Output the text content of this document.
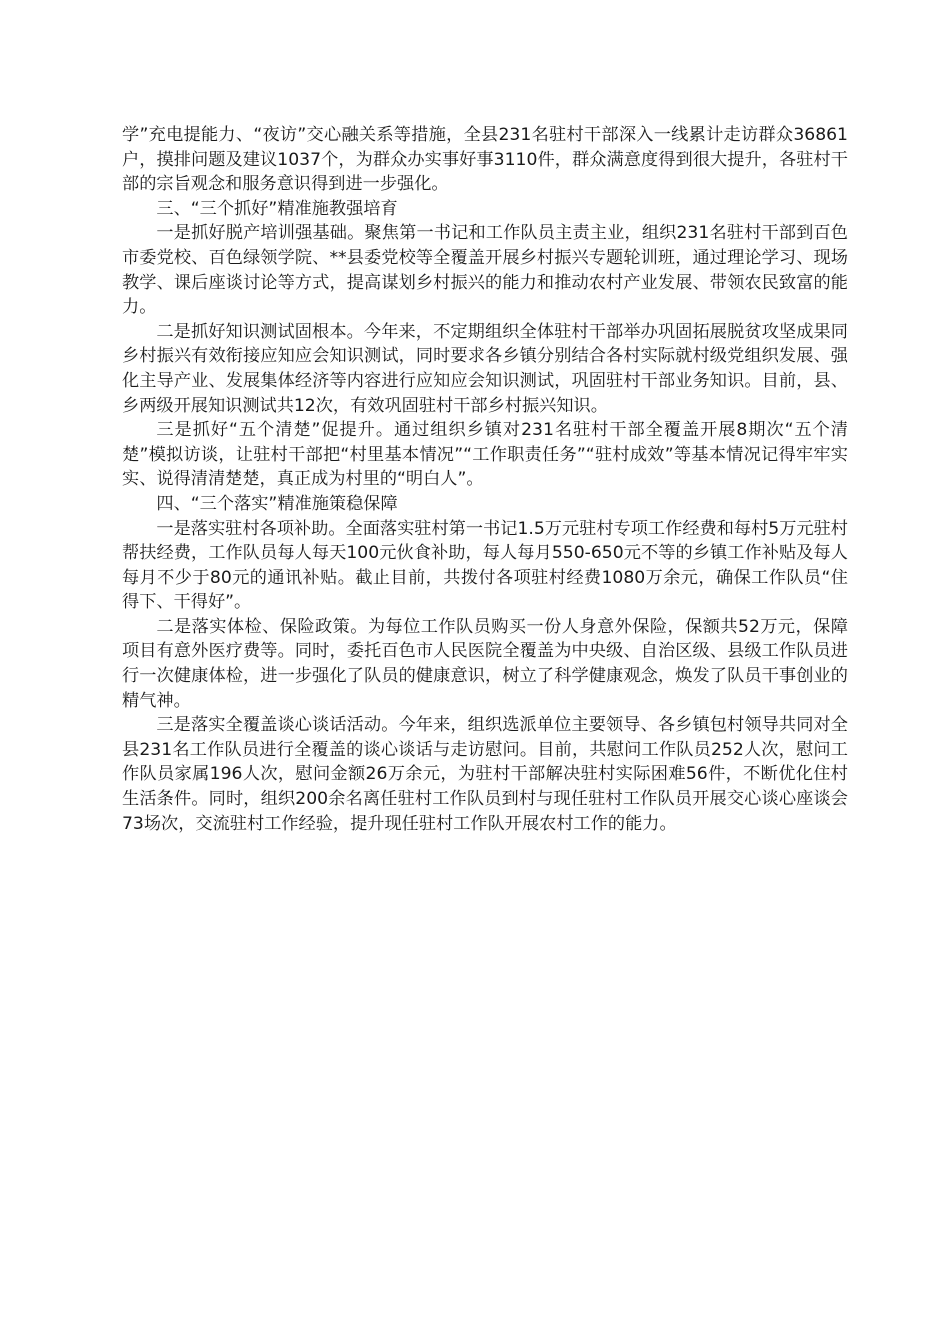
学”充电提能力、“夜访”交心融关系等措施，全县231名驻村干部深入一线累计走访群众36861户，摸排问题及建议1037个，为群众办实事好事3110件，群众满意度得到很大提升，各驻村干部的宗旨观念和服务意识得到进一步强化。

三、“三个抓好”精准施教强培育

一是抓好脱产培训强基础。聚焦第一书记和工作队员主责主业，组织231名驻村干部到百色市委党校、百色绿领学院、**县委党校等全覆盖开展乡村振兴专题轮训班，通过理论学习、现场教学、课后座谈讨论等方式，提高谋划乡村振兴的能力和推动农村产业发展、带领农民致富的能力。

二是抓好知识测试固根本。今年来，不定期组织全体驻村干部举办巩固拓展脱贫攻坚成果同乡村振兴有效衔接应知应会知识测试，同时要求各乡镇分别结合各村实际就村级党组织发展、强化主导产业、发展集体经济等内容进行应知应会知识测试，巩固驻村干部业务知识。目前，县、乡两级开展知识测试共12次，有效巩固驻村干部乡村振兴知识。

三是抓好“五个清楚”促提升。通过组织乡镇对231名驻村干部全覆盖开展8期次“五个清楚”模拟访谈，让驻村干部把“村里基本情况”“工作职责任务”“驻村成效”等基本情况记得牢牢实实、说得清清楚楚，真正成为村里的“明白人”。

四、“三个落实”精准施策稳保障

一是落实驻村各项补助。全面落实驻村第一书记1.5万元驻村专项工作经费和每村5万元驻村帮扶经费，工作队员每人每天100元伙食补助，每人每月550-650元不等的乡镇工作补贴及每人每月不少于80元的通讯补贴。截止目前，共拨付各项驻村经费1080万余元，确保工作队员“住得下、干得好”。

二是落实体检、保险政策。为每位工作队员购买一份人身意外保险，保额共52万元，保障项目有意外医疗费等。同时，委托百色市人民医院全覆盖为中央级、自治区级、县级工作队员进行一次健康体检，进一步强化了队员的健康意识，树立了科学健康观念，焕发了队员干事创业的精气神。

三是落实全覆盖谈心谈话活动。今年来，组织选派单位主要领导、各乡镇包村领导共同对全县231名工作队员进行全覆盖的谈心谈话与走访慰问。目前，共慰问工作队员252人次，慰问工作队员家属196人次，慰问金额26万余元，为驻村干部解决驻村实际困难56件，不断优化住村生活条件。同时，组织200余名离任驻村工作队员到村与现任驻村工作队员开展交心谈心座谈会73场次，交流驻村工作经验，提升现任驻村工作队开展农村工作的能力。
